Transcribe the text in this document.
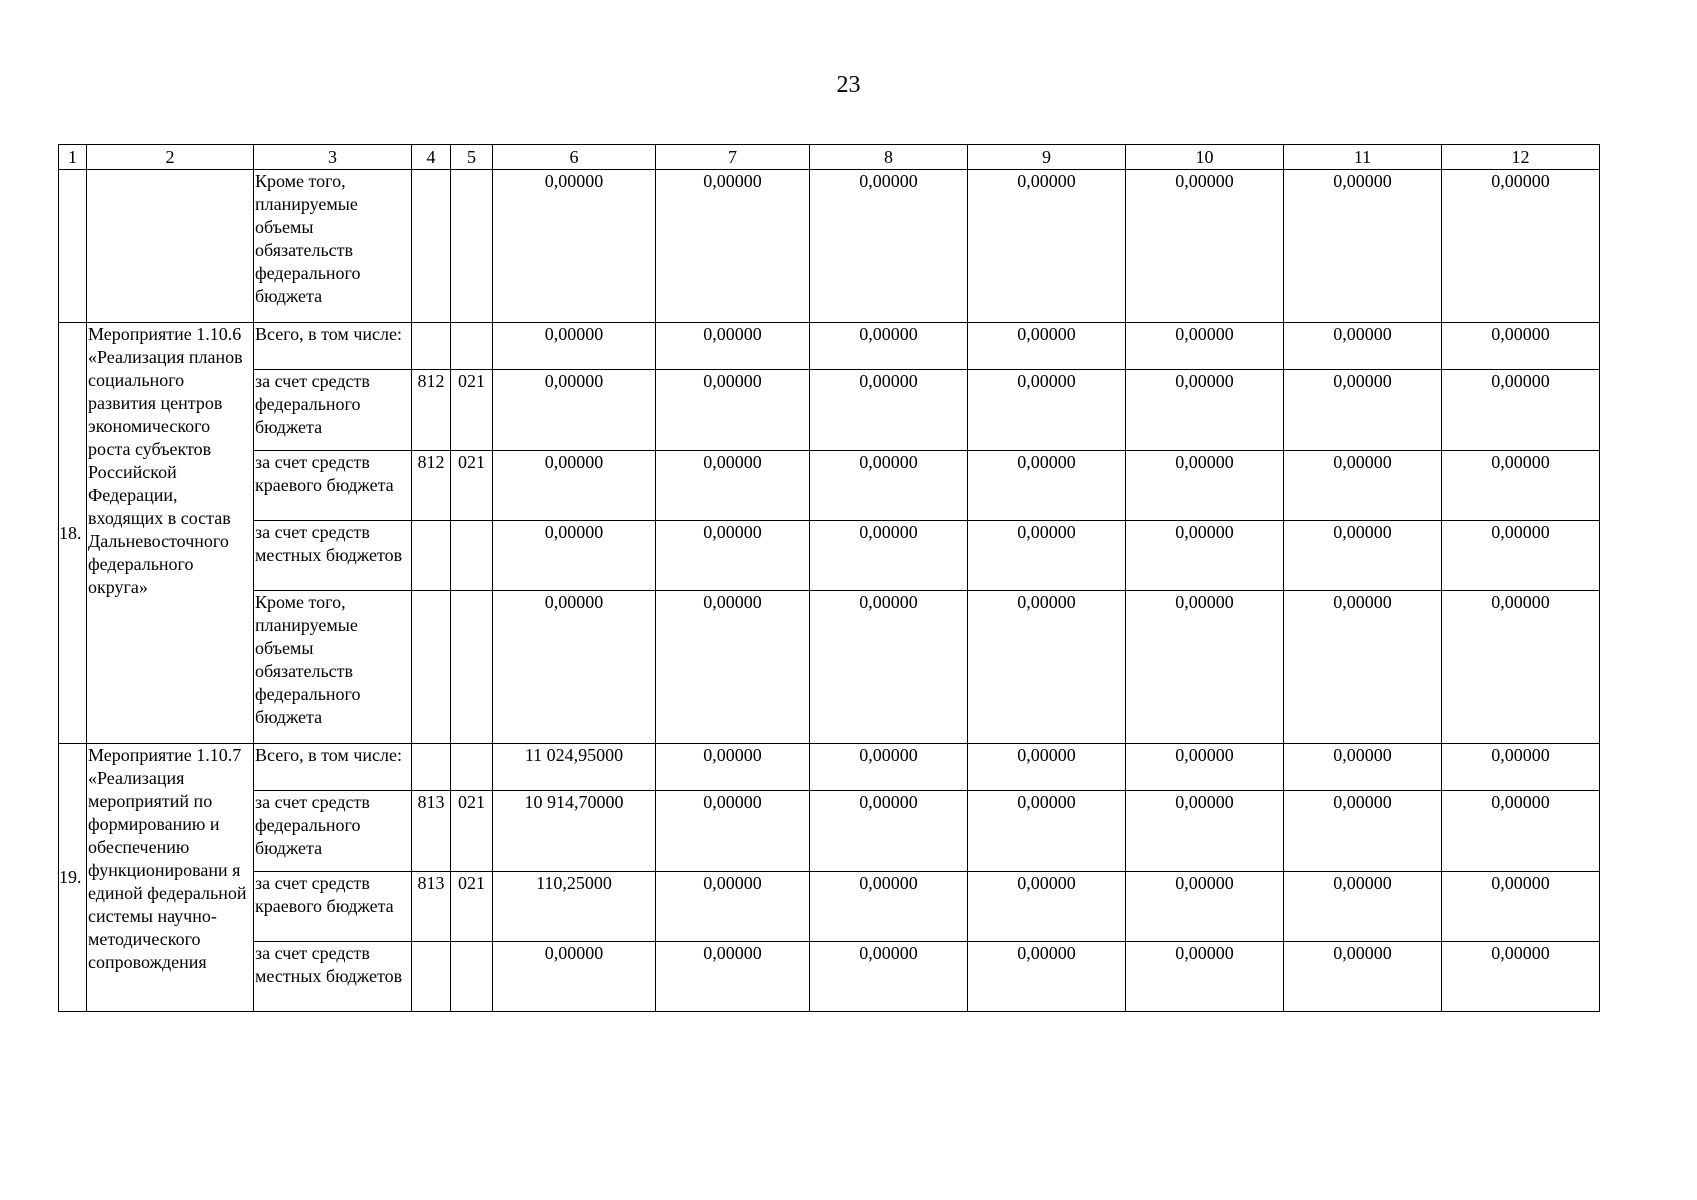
23
1	2	3	4	5	6	7	8	9	10	11	12
		Кроме того, планируемые объемы обязательств федерального бюджета			0,00000	0,00000	0,00000	0,00000	0,00000	0,00000	0,00000
18.	Мероприятие 1.10.6 «Реализация планов социального развития центров экономического роста субъектов Российской Федерации, входящих в состав Дальневосточного федерального округа»	Всего, в том числе:			0,00000	0,00000	0,00000	0,00000	0,00000	0,00000	0,00000
		за счет средств федерального бюджета	812	021	0,00000	0,00000	0,00000	0,00000	0,00000	0,00000	0,00000
		за счет средств краевого бюджета	812	021	0,00000	0,00000	0,00000	0,00000	0,00000	0,00000	0,00000
		за счет средств местных бюджетов			0,00000	0,00000	0,00000	0,00000	0,00000	0,00000	0,00000
		Кроме того, планируемые объемы обязательств федерального бюджета			0,00000	0,00000	0,00000	0,00000	0,00000	0,00000	0,00000
19.	Мероприятие 1.10.7 «Реализация мероприятий по формированию и обеспечению функционировани я единой федеральной системы научно-методического сопровождения	Всего, в том числе:			11 024,95000	0,00000	0,00000	0,00000	0,00000	0,00000	0,00000
		за счет средств федерального бюджета	813	021	10 914,70000	0,00000	0,00000	0,00000	0,00000	0,00000	0,00000
		за счет средств краевого бюджета	813	021	110,25000	0,00000	0,00000	0,00000	0,00000	0,00000	0,00000
		за счет средств местных бюджетов			0,00000	0,00000	0,00000	0,00000	0,00000	0,00000	0,00000
